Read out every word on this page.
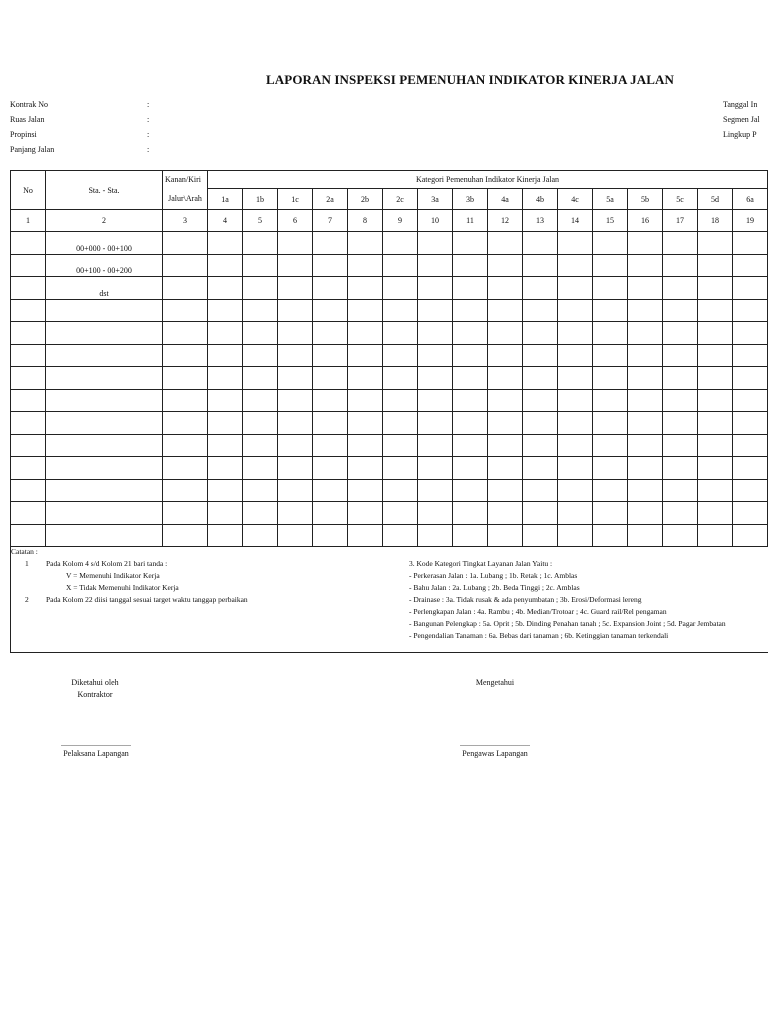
LAPORAN INSPEKSI PEMENUHAN INDIKATOR KINERJA JALAN
Kontrak No	:
Ruas Jalan	:
Propinsi	:
Panjang Jalan	:
Tanggal In
Segmen Jal
Lingkup P
No	Sta. - Sta.	Kanan/Kiri	Kategori Pemenuhan Indikator Kinerja Jalan															
		Jalur\Arah	1a	1b	1c	2a	2b	2c	3a	3b	4a	4b	4c	5a	5b	5c	5d	6a
1	2	3	4	5	6	7	8	9	10	11	12	13	14	15	16	17	18	19
	00+000 - 00+100																	
	00+100 - 00+200																	
	dst																	

Catatan :
1 Pada Kolom 4 s/d Kolom 21 bari tanda :
V = Memenuhi Indikator Kerja
X = Tidak Memenuhi Indikator Kerja
2 Pada Kolom 22 diisi tanggal sesuai target waktu tanggap perbaikan
3. Kode Kategori Tingkat Layanan Jalan Yaitu :
- Perkerasan Jalan : 1a. Lubang ; 1b. Retak ; 1c. Amblas
- Bahu Jalan : 2a. Lubang ; 2b. Beda Tinggi ; 2c. Amblas
- Drainase : 3a. Tidak rusak & ada penyumbatan ; 3b. Erosi/Deformasi lereng
- Perlengkapan Jalan : 4a. Rambu ; 4b. Median/Trotoar ; 4c. Guard rail/Rel pengaman
- Bangunan Pelengkap : 5a. Oprit ; 5b. Dinding Penahan tanah ; 5c. Expansion Joint ; 5d. Pagar Jembatan
- Pengendalian Tanaman : 6a. Bebas dari tanaman ; 6b. Ketinggian tanaman terkendali
Diketahui oleh
Kontraktor
...................................
Pelaksana Lapangan
Mengetahui
...................................
Pengawas Lapangan
